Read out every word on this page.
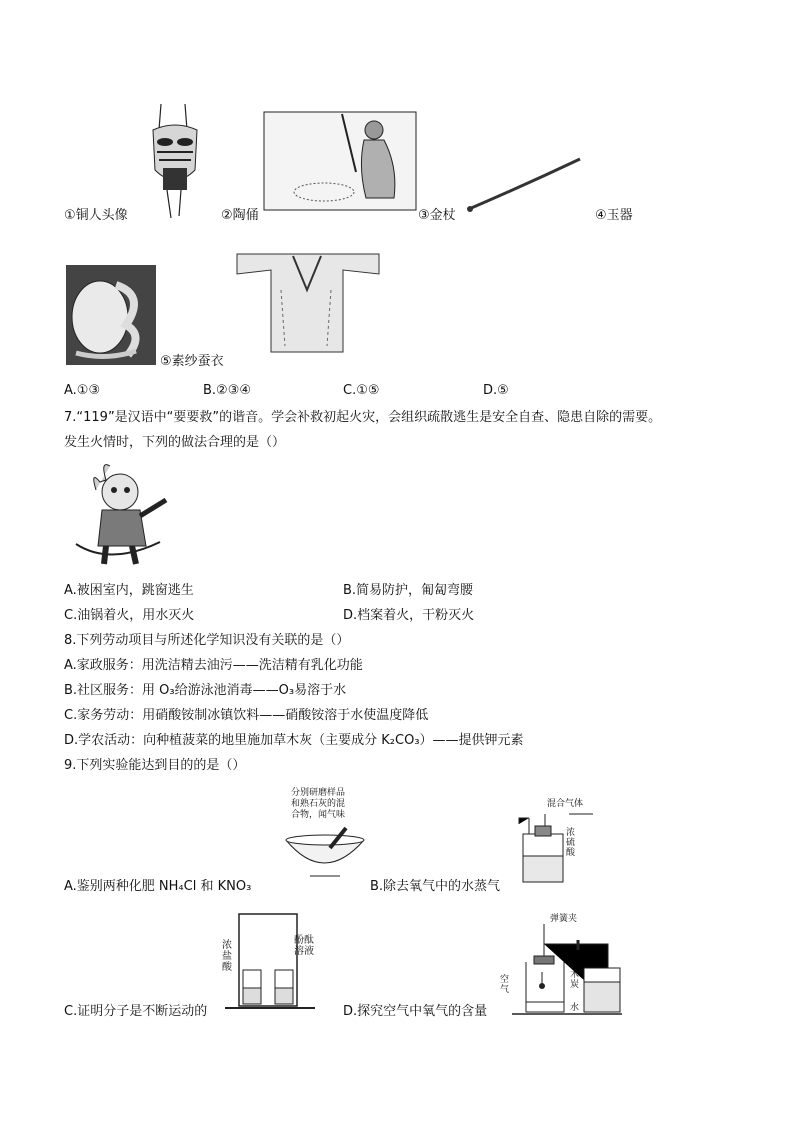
①铜人头像	②陶俑	③金杖	④玉器
⑤素纱蚕衣
A.①③	B.②③④	C.①⑤	D.⑤
7.“119”是汉语中“要要救”的谐音。学会补救初起火灾，会组织疏散逃生是安全自查、隐患自除的需要。
发生火情时，下列的做法合理的是（）
A.被困室内，跳窗逃生	B.简易防护，匍匐弯腰
C.油锅着火，用水灭火	D.档案着火，干粉灭火
8.下列劳动项目与所述化学知识没有关联的是（）
A.家政服务：用洗洁精去油污——洗洁精有乳化功能
B.社区服务：用 O₃给游泳池消毒——O₃易溶于水
C.家务劳动：用硝酸铵制冰镇饮料——硝酸铵溶于水使温度降低
D.学农活动：向种植菠菜的地里施加草木灰（主要成分 K₂CO₃）——提供钾元素
9.下列实验能达到目的的是（）
分别研磨样品
和熟石灰的混
合物，闻气味
A.鉴别两种化肥 NH₄Cl 和 KNO₃
混合气体
浓硫酸
B.除去氧气中的水蒸气
浓盐酸
酚酞溶液
C.证明分子是不断运动的
弹簧夹
空气
木炭
水
D.探究空气中氧气的含量
